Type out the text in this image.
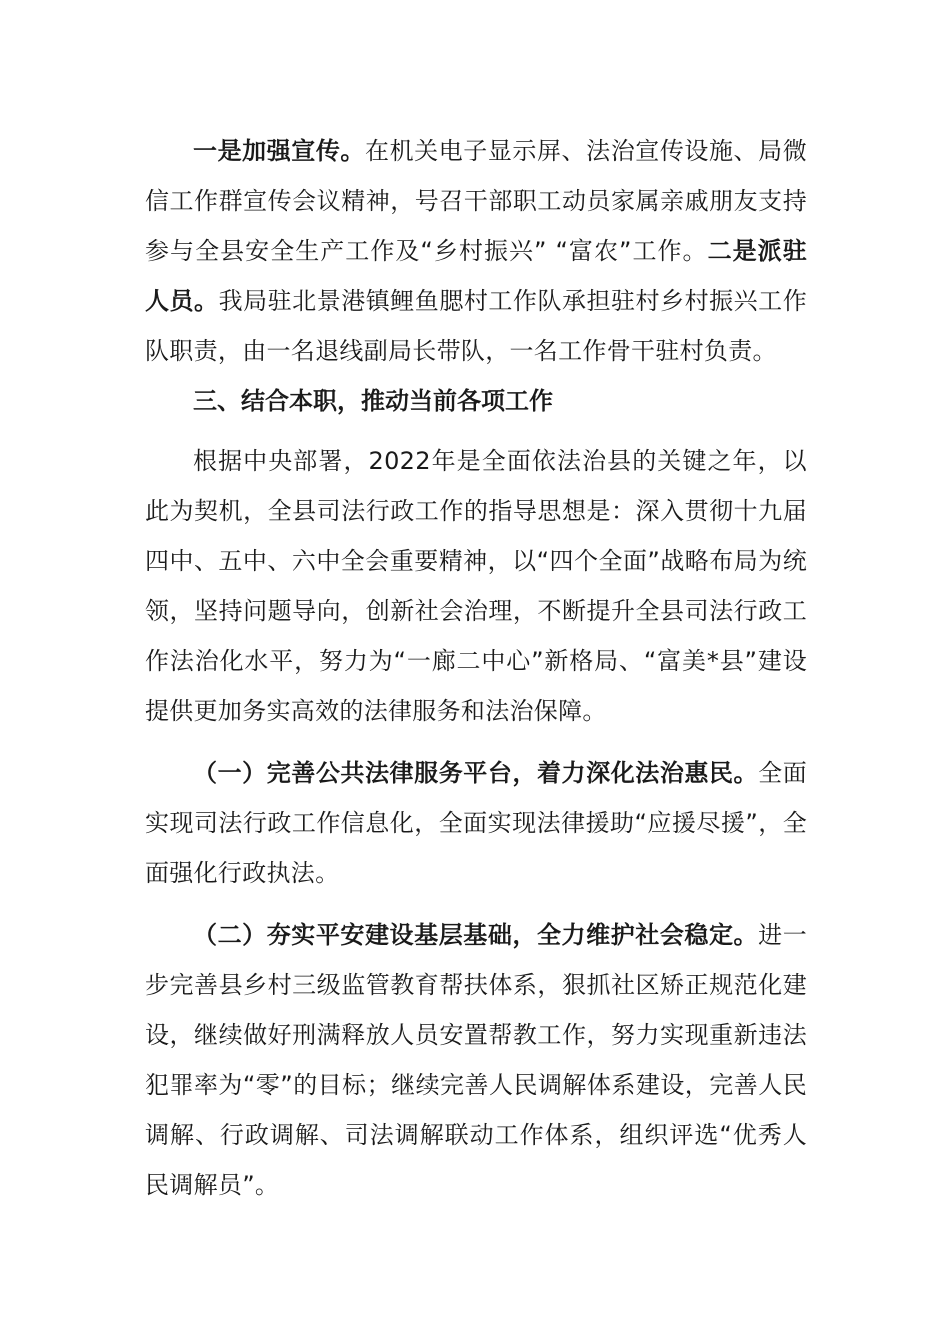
一是加强宣传。在机关电子显示屏、法治宣传设施、局微信工作群宣传会议精神，号召干部职工动员家属亲戚朋友支持参与全县安全生产工作及“乡村振兴” “富农”工作。二是派驻人员。我局驻北景港镇鲤鱼腮村工作队承担驻村乡村振兴工作队职责，由一名退线副局长带队，一名工作骨干驻村负责。

三、结合本职，推动当前各项工作

根据中央部署，2022年是全面依法治县的关键之年，以此为契机，全县司法行政工作的指导思想是：深入贯彻十九届四中、五中、六中全会重要精神，以“四个全面”战略布局为统领，坚持问题导向，创新社会治理，不断提升全县司法行政工作法治化水平，努力为“一廊二中心”新格局、“富美*县”建设提供更加务实高效的法律服务和法治保障。

（一）完善公共法律服务平台，着力深化法治惠民。全面实现司法行政工作信息化，全面实现法律援助“应援尽援”，全面强化行政执法。

（二）夯实平安建设基层基础，全力维护社会稳定。进一步完善县乡村三级监管教育帮扶体系，狠抓社区矫正规范化建设，继续做好刑满释放人员安置帮教工作，努力实现重新违法犯罪率为“零”的目标；继续完善人民调解体系建设，完善人民调解、行政调解、司法调解联动工作体系，组织评选“优秀人民调解员”。
